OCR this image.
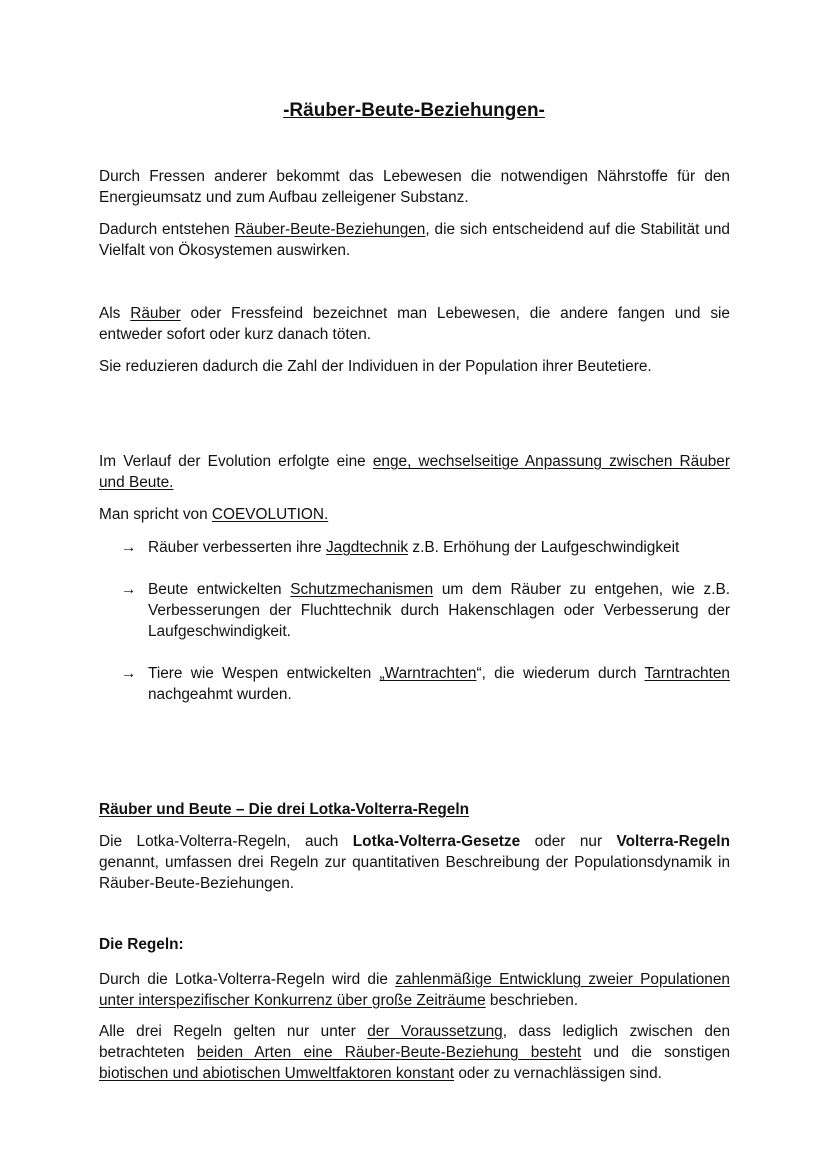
-Räuber-Beute-Beziehungen-

Durch Fressen anderer bekommt das Lebewesen die notwendigen Nährstoffe für den Energieumsatz und zum Aufbau zelleigener Substanz.

Dadurch entstehen Räuber-Beute-Beziehungen, die sich entscheidend auf die Stabilität und Vielfalt von Ökosystemen auswirken.

Als Räuber oder Fressfeind bezeichnet man Lebewesen, die andere fangen und sie entweder sofort oder kurz danach töten.

Sie reduzieren dadurch die Zahl der Individuen in der Population ihrer Beutetiere.

Im Verlauf der Evolution erfolgte eine enge, wechselseitige Anpassung zwischen Räuber und Beute.

Man spricht von COEVOLUTION.

→ Räuber verbesserten ihre Jagdtechnik z.B. Erhöhung der Laufgeschwindigkeit
→ Beute entwickelten Schutzmechanismen um dem Räuber zu entgehen, wie z.B. Verbesserungen der Fluchttechnik durch Hakenschlagen oder Verbesserung der Laufgeschwindigkeit.
→ Tiere wie Wespen entwickelten „Warntrachten“, die wiederum durch Tarntrachten nachgeahmt wurden.

Räuber und Beute – Die drei Lotka-Volterra-Regeln

Die Lotka-Volterra-Regeln, auch Lotka-Volterra-Gesetze oder nur Volterra-Regeln genannt, umfassen drei Regeln zur quantitativen Beschreibung der Populationsdynamik in Räuber-Beute-Beziehungen.

Die Regeln:

Durch die Lotka-Volterra-Regeln wird die zahlenmäßige Entwicklung zweier Populationen unter interspezifischer Konkurrenz über große Zeiträume beschrieben.

Alle drei Regeln gelten nur unter der Voraussetzung, dass lediglich zwischen den betrachteten beiden Arten eine Räuber-Beute-Beziehung besteht und die sonstigen biotischen und abiotischen Umweltfaktoren konstant oder zu vernachlässigen sind.
